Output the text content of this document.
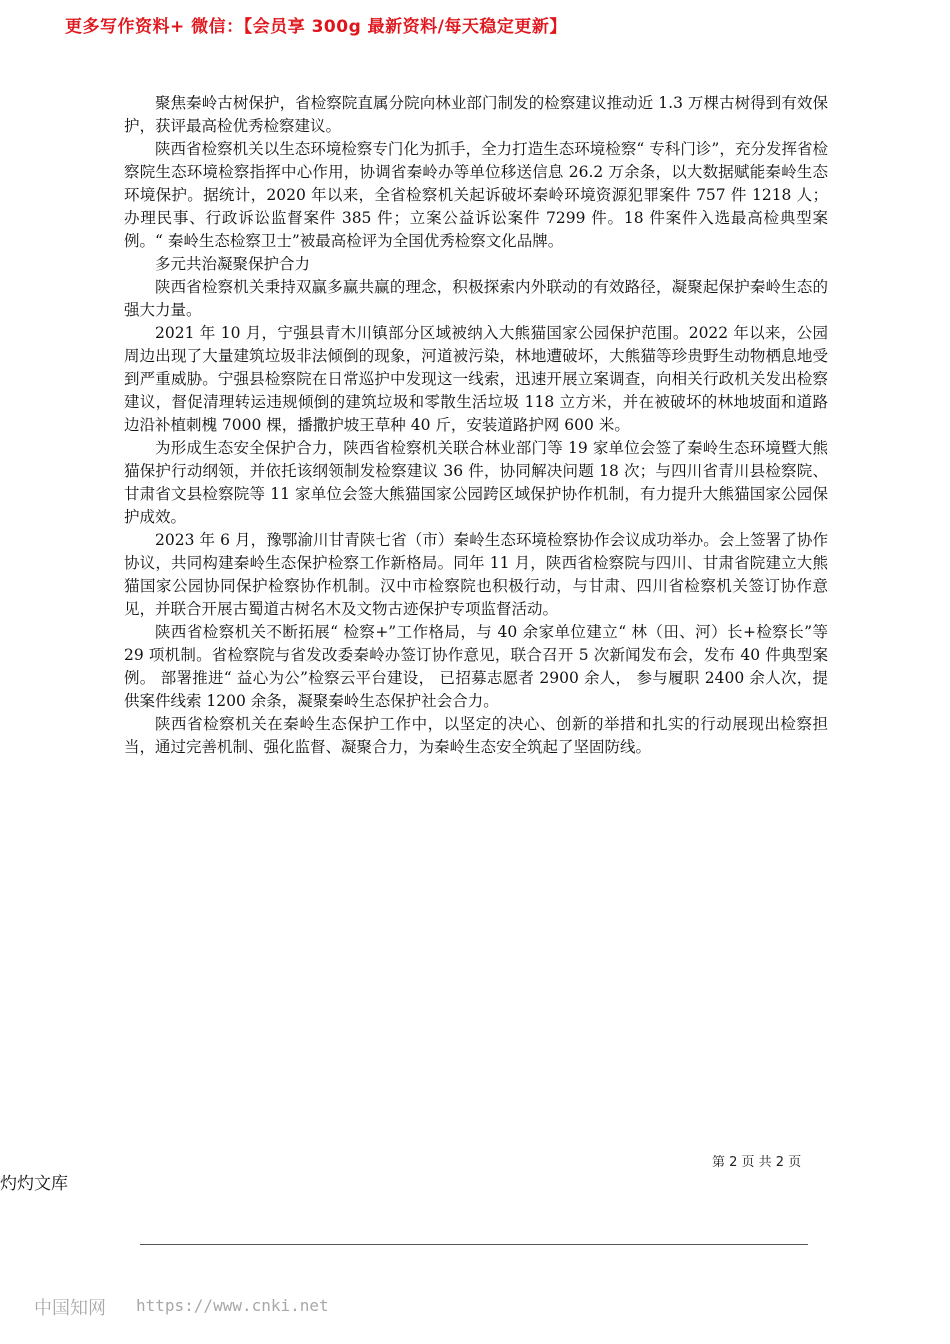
更多写作资料+ 微信：【会员享 300g 最新资料/每天稳定更新】

聚焦秦岭古树保护，省检察院直属分院向林业部门制发的检察建议推动近 1.3 万棵古树得到有效保护，获评最高检优秀检察建议。

陕西省检察机关以生态环境检察专门化为抓手，全力打造生态环境检察“ 专科门诊”，充分发挥省检察院生态环境检察指挥中心作用，协调省秦岭办等单位移送信息 26.2 万余条，以大数据赋能秦岭生态环境保护。据统计，2020 年以来，全省检察机关起诉破坏秦岭环境资源犯罪案件 757 件 1218 人；办理民事、行政诉讼监督案件 385 件；立案公益诉讼案件 7299 件。18 件案件入选最高检典型案例。“ 秦岭生态检察卫士”被最高检评为全国优秀检察文化品牌。

多元共治凝聚保护合力

陕西省检察机关秉持双赢多赢共赢的理念，积极探索内外联动的有效路径，凝聚起保护秦岭生态的强大力量。

2021 年 10 月，宁强县青木川镇部分区域被纳入大熊猫国家公园保护范围。2022 年以来，公园周边出现了大量建筑垃圾非法倾倒的现象，河道被污染，林地遭破坏，大熊猫等珍贵野生动物栖息地受到严重威胁。宁强县检察院在日常巡护中发现这一线索，迅速开展立案调查，向相关行政机关发出检察建议，督促清理转运违规倾倒的建筑垃圾和零散生活垃圾 118 立方米，并在被破坏的林地坡面和道路边沿补植刺槐 7000 棵，播撒护坡王草种 40 斤，安装道路护网 600 米。

为形成生态安全保护合力，陕西省检察机关联合林业部门等 19 家单位会签了秦岭生态环境暨大熊猫保护行动纲领，并依托该纲领制发检察建议 36 件，协同解决问题 18 次；与四川省青川县检察院、甘肃省文县检察院等 11 家单位会签大熊猫国家公园跨区域保护协作机制，有力提升大熊猫国家公园保护成效。

2023 年 6 月，豫鄂渝川甘青陕七省（市）秦岭生态环境检察协作会议成功举办。会上签署了协作协议，共同构建秦岭生态保护检察工作新格局。同年 11 月，陕西省检察院与四川、甘肃省院建立大熊猫国家公园协同保护检察协作机制。汉中市检察院也积极行动，与甘肃、四川省检察机关签订协作意见，并联合开展古蜀道古树名木及文物古迹保护专项监督活动。

陕西省检察机关不断拓展“ 检察+”工作格局，与 40 余家单位建立“ 林（田、河）长+检察长”等 29 项机制。省检察院与省发改委秦岭办签订协作意见，联合召开 5 次新闻发布会，发布 40 件典型案例。 部署推进“ 益心为公”检察云平台建设， 已招募志愿者 2900 余人， 参与履职 2400 余人次，提供案件线索 1200 余条，凝聚秦岭生态保护社会合力。

陕西省检察机关在秦岭生态保护工作中，以坚定的决心、创新的举措和扎实的行动展现出检察担当，通过完善机制、强化监督、凝聚合力，为秦岭生态安全筑起了坚固防线。

第 2 页 共 2 页
灼灼文库
中国知网 https://www.cnki.net
